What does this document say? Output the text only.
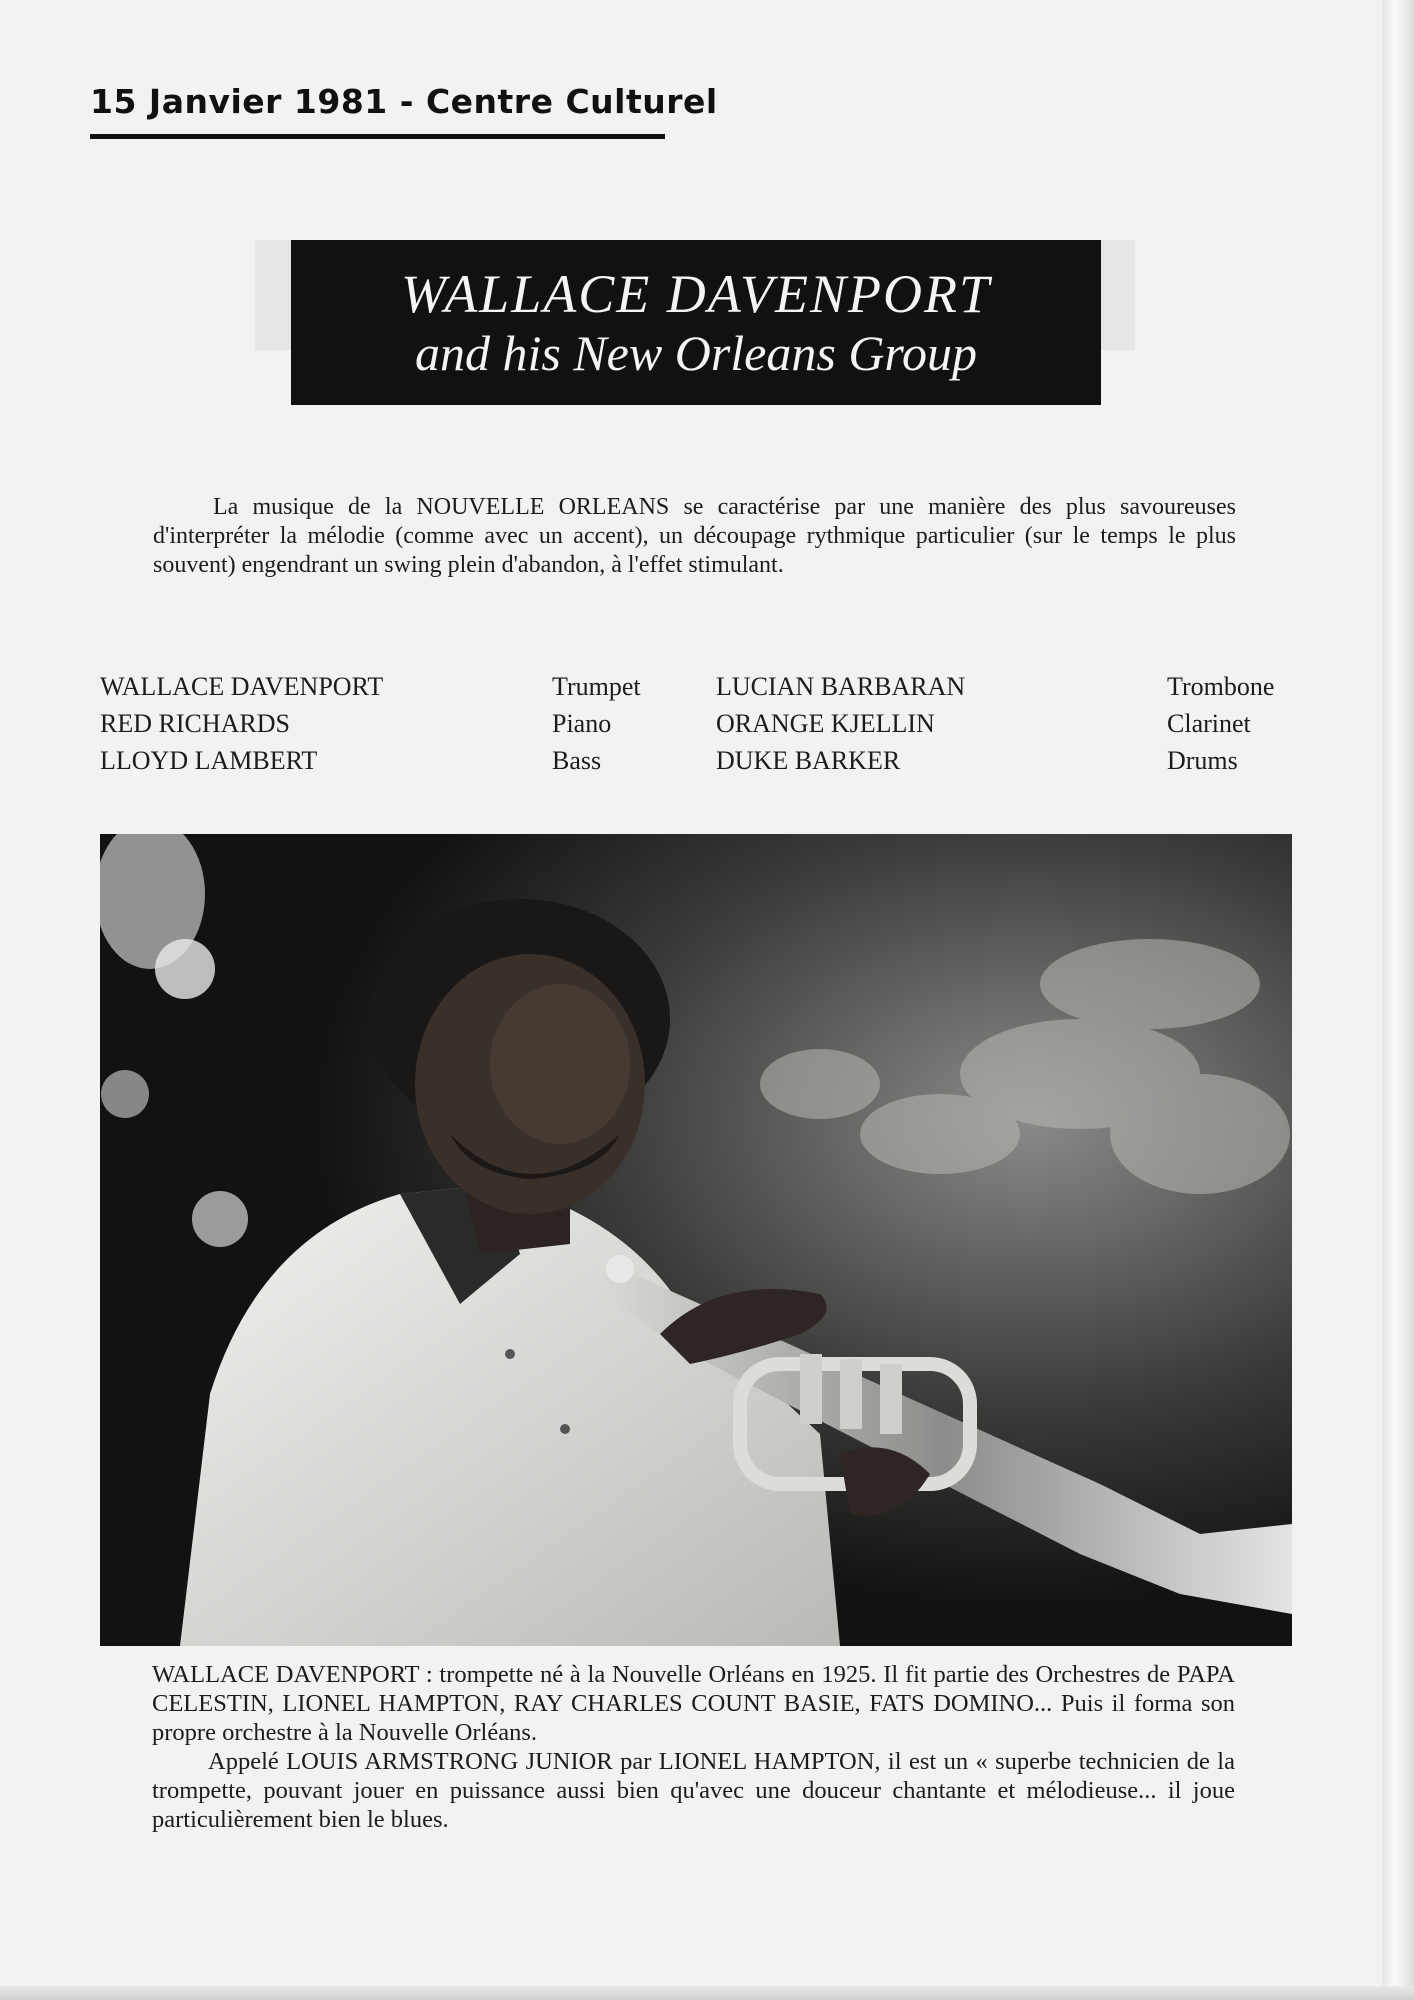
15 Janvier 1981 - Centre Culturel
WALLACE DAVENPORT
and his New Orleans Group

La musique de la NOUVELLE ORLEANS se caractérise par une manière des plus savoureuses d'interpréter la mélodie (comme avec un accent), un découpage rythmique particulier (sur le temps le plus souvent) engendrant un swing plein d'abandon, à l'effet stimulant.

WALLACE DAVENPORT	Trumpet	LUCIAN BARBARAN	Trombone
RED RICHARDS	Piano	ORANGE KJELLIN	Clarinet
LLOYD LAMBERT	Bass	DUKE BARKER	Drums

WALLACE DAVENPORT : trompette né à la Nouvelle Orléans en 1925. Il fit partie des Orchestres de PAPA CELESTIN, LIONEL HAMPTON, RAY CHARLES COUNT BASIE, FATS DOMINO... Puis il forma son propre orchestre à la Nouvelle Orléans.

Appelé LOUIS ARMSTRONG JUNIOR par LIONEL HAMPTON, il est un « superbe technicien de la trompette, pouvant jouer en puissance aussi bien qu'avec une douceur chantante et mélodieuse... il joue particulièrement bien le blues.
